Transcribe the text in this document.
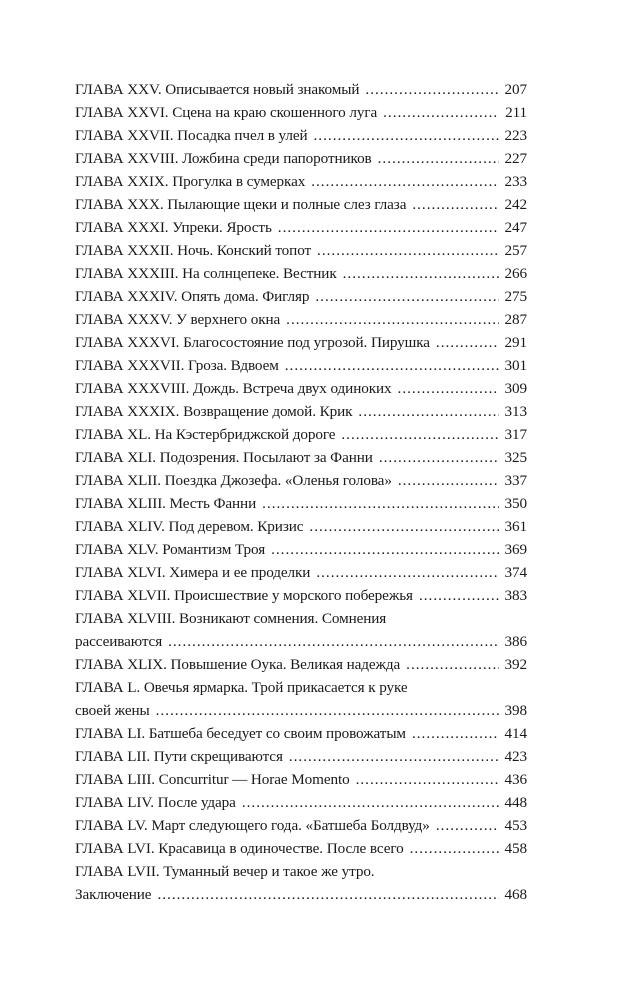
ГЛАВА XXV. Описывается новый знакомый . . .	207
ГЛАВА XXVI. Сцена на краю скошенного луга . . .	211
ГЛАВА XXVII. Посадка пчел в улей . . .	223
ГЛАВА XXVIII. Ложбина среди папоротников . . .	227
ГЛАВА XXIX. Прогулка в сумерках . . .	233
ГЛАВА XXX. Пылающие щеки и полные слез глаза . . .	242
ГЛАВА XXXI. Упреки. Ярость . . .	247
ГЛАВА XXXII. Ночь. Конский топот . . .	257
ГЛАВА XXXIII. На солнцепеке. Вестник . . .	266
ГЛАВА XXXIV. Опять дома. Фигляр . . .	275
ГЛАВА XXXV. У верхнего окна . . .	287
ГЛАВА XXXVI. Благосостояние под угрозой. Пирушка . . .	291
ГЛАВА XXXVII. Гроза. Вдвоем . . .	301
ГЛАВА XXXVIII. Дождь. Встреча двух одиноких . . .	309
ГЛАВА XXXIX. Возвращение домой. Крик . . .	313
ГЛАВА XL. На Кэстербриджской дороге . . .	317
ГЛАВА XLI. Подозрения. Посылают за Фанни . . .	325
ГЛАВА XLII. Поездка Джозефа. «Оленья голова» . . .	337
ГЛАВА XLIII. Месть Фанни . . .	350
ГЛАВА XLIV. Под деревом. Кризис . . .	361
ГЛАВА XLV. Романтизм Троя . . .	369
ГЛАВА XLVI. Химера и ее проделки . . .	374
ГЛАВА XLVII. Происшествие у морского побережья . . .	383
ГЛАВА XLVIII. Возникают сомнения. Сомнения
рассеиваются . . .	386
ГЛАВА XLIX. Повышение Оука. Великая надежда . . .	392
ГЛАВА L. Овечья ярмарка. Трой прикасается к руке
своей жены . . .	398
ГЛАВА LI. Батшеба беседует со своим провожатым . . .	414
ГЛАВА LII. Пути скрещиваются . . .	423
ГЛАВА LIII. Concurritur — Horae Momento . . .	436
ГЛАВА LIV. После удара . . .	448
ГЛАВА LV. Март следующего года. «Батшеба Болдвуд» . . .	453
ГЛАВА LVI. Красавица в одиночестве. После всего . . .	458
ГЛАВА LVII. Туманный вечер и такое же утро.
Заключение . . .	468
